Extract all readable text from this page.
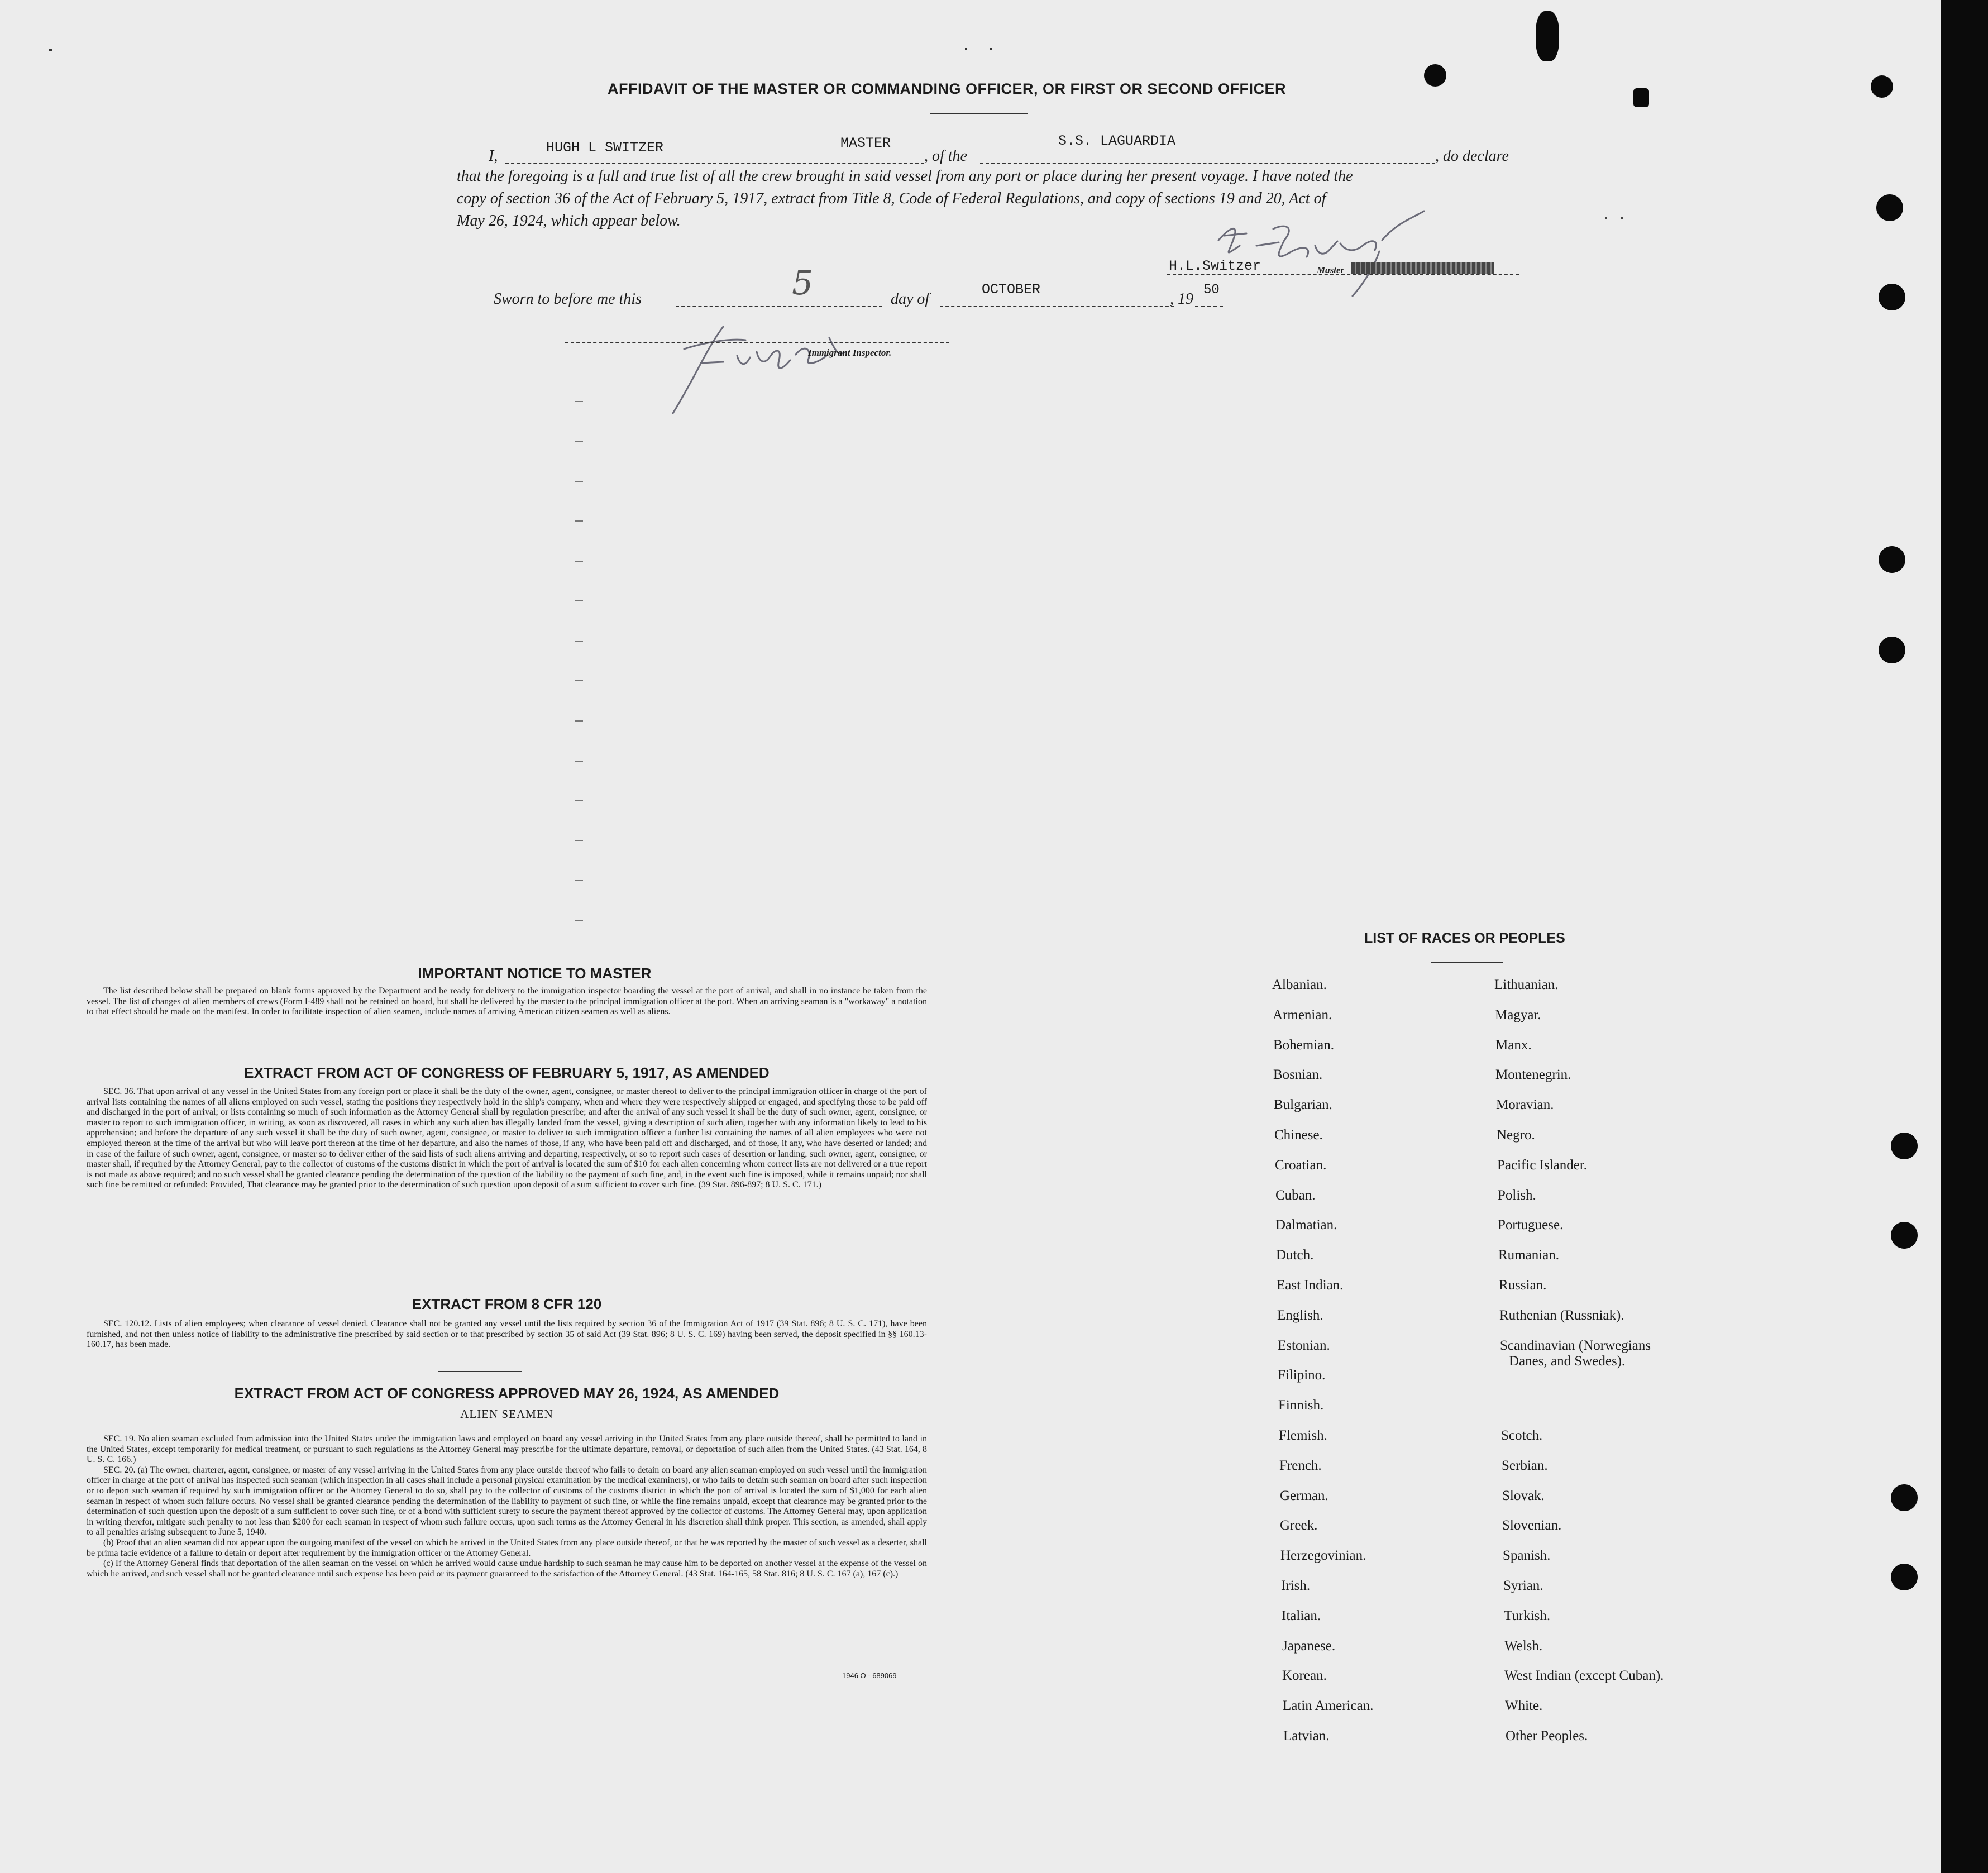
AFFIDAVIT OF THE MASTER OR COMMANDING OFFICER, OR FIRST OR SECOND OFFICER
I,	HUGH L SWITZER	MASTER
, of the
S.S. LAGUARDIA
, do declare
that the foregoing is a full and true list of all the crew brought in said vessel from any port or place during her present voyage. I have noted the
copy of section 36 of the Act of February 5, 1917, extract from Title 8, Code of Federal Regulations, and copy of sections 19 and 20, Act of
May 26, 1924, which appear below.
H.L.Switzer	Master
Sworn to before me this	5	day of
OCTOBER
, 19
50
Immigrant Inspector.
IMPORTANT NOTICE TO MASTER

The list described below shall be prepared on blank forms approved by the Department and be ready for delivery to the immigration inspector boarding the vessel at the port of arrival, and shall in no instance be taken from the vessel. The list of changes of alien members of crews (Form I-489 shall not be retained on board, but shall be delivered by the master to the principal immigration officer at the port. When an arriving seaman is a "workaway" a notation to that effect should be made on the manifest. In order to facilitate inspection of alien seamen, include names of arriving American citizen seamen as well as aliens.

EXTRACT FROM ACT OF CONGRESS OF FEBRUARY 5, 1917, AS AMENDED

SEC. 36. That upon arrival of any vessel in the United States from any foreign port or place it shall be the duty of the owner, agent, consignee, or master thereof to deliver to the principal immigration officer in charge of the port of arrival lists containing the names of all aliens employed on such vessel, stating the positions they respectively hold in the ship's company, when and where they were respectively shipped or engaged, and specifying those to be paid off and discharged in the port of arrival; or lists containing so much of such information as the Attorney General shall by regulation prescribe; and after the arrival of any such vessel it shall be the duty of such owner, agent, consignee, or master to report to such immigration officer, in writing, as soon as discovered, all cases in which any such alien has illegally landed from the vessel, giving a description of such alien, together with any information likely to lead to his apprehension; and before the departure of any such vessel it shall be the duty of such owner, agent, consignee, or master to deliver to such immigration officer a further list containing the names of all alien employees who were not employed thereon at the time of the arrival but who will leave port thereon at the time of her departure, and also the names of those, if any, who have been paid off and discharged, and of those, if any, who have deserted or landed; and in case of the failure of such owner, agent, consignee, or master so to deliver either of the said lists of such aliens arriving and departing, respectively, or so to report such cases of desertion or landing, such owner, agent, consignee, or master shall, if required by the Attorney General, pay to the collector of customs of the customs district in which the port of arrival is located the sum of $10 for each alien concerning whom correct lists are not delivered or a true report is not made as above required; and no such vessel shall be granted clearance pending the determination of the question of the liability to the payment of such fine, and, in the event such fine is imposed, while it remains unpaid; nor shall such fine be remitted or refunded: Provided, That clearance may be granted prior to the determination of such question upon deposit of a sum sufficient to cover such fine. (39 Stat. 896-897; 8 U. S. C. 171.)

EXTRACT FROM 8 CFR 120

SEC. 120.12. Lists of alien employees; when clearance of vessel denied. Clearance shall not be granted any vessel until the lists required by section 36 of the Immigration Act of 1917 (39 Stat. 896; 8 U. S. C. 171), have been furnished, and not then unless notice of liability to the administrative fine prescribed by said section or to that prescribed by section 35 of said Act (39 Stat. 896; 8 U. S. C. 169) having been served, the deposit specified in §§ 160.13-160.17, has been made.

EXTRACT FROM ACT OF CONGRESS APPROVED MAY 26, 1924, AS AMENDED
ALIEN SEAMEN

SEC. 19. No alien seaman excluded from admission into the United States under the immigration laws and employed on board any vessel arriving in the United States from any place outside thereof, shall be permitted to land in the United States, except temporarily for medical treatment, or pursuant to such regulations as the Attorney General may prescribe for the ultimate departure, removal, or deportation of such alien from the United States. (43 Stat. 164, 8 U. S. C. 166.)

SEC. 20. (a) The owner, charterer, agent, consignee, or master of any vessel arriving in the United States from any place outside thereof who fails to detain on board any alien seaman employed on such vessel until the immigration officer in charge at the port of arrival has inspected such seaman (which inspection in all cases shall include a personal physical examination by the medical examiners), or who fails to detain such seaman on board after such inspection or to deport such seaman if required by such immigration officer or the Attorney General to do so, shall pay to the collector of customs of the customs district in which the port of arrival is located the sum of $1,000 for each alien seaman in respect of whom such failure occurs. No vessel shall be granted clearance pending the determination of the liability to payment of such fine, or while the fine remains unpaid, except that clearance may be granted prior to the determination of such question upon the deposit of a sum sufficient to cover such fine, or of a bond with sufficient surety to secure the payment thereof approved by the collector of customs. The Attorney General may, upon application in writing therefor, mitigate such penalty to not less than $200 for each seaman in respect of whom such failure occurs, upon such terms as the Attorney General in his discretion shall think proper. This section, as amended, shall apply to all penalties arising subsequent to June 5, 1940.

(b) Proof that an alien seaman did not appear upon the outgoing manifest of the vessel on which he arrived in the United States from any place outside thereof, or that he was reported by the master of such vessel as a deserter, shall be prima facie evidence of a failure to detain or deport after requirement by the immigration officer or the Attorney General.

(c) If the Attorney General finds that deportation of the alien seaman on the vessel on which he arrived would cause undue hardship to such seaman he may cause him to be deported on another vessel at the expense of the vessel on which he arrived, and such vessel shall not be granted clearance until such expense has been paid or its payment guaranteed to the satisfaction of the Attorney General. (43 Stat. 164-165, 58 Stat. 816; 8 U. S. C. 167 (a), 167 (c).)

1946 O - 689069
LIST OF RACES OR PEOPLES
Albanian.
Armenian.
Bohemian.
Bosnian.
Bulgarian.
Chinese.
Croatian.
Cuban.
Dalmatian.
Dutch.
East Indian.
English.
Estonian.
Filipino.
Finnish.
Flemish.
French.
German.
Greek.
Herzegovinian.
Irish.
Italian.
Japanese.
Korean.
Latin American.
Latvian.
Lithuanian.
Magyar.
Manx.
Montenegrin.
Moravian.
Negro.
Pacific Islander.
Polish.
Portuguese.
Rumanian.
Russian.
Ruthenian (Russniak).
Scandinavian (Norwegians
Danes, and Swedes).
Scotch.
Serbian.
Slovak.
Slovenian.
Spanish.
Syrian.
Turkish.
Welsh.
West Indian (except Cuban).
White.
Other Peoples.
